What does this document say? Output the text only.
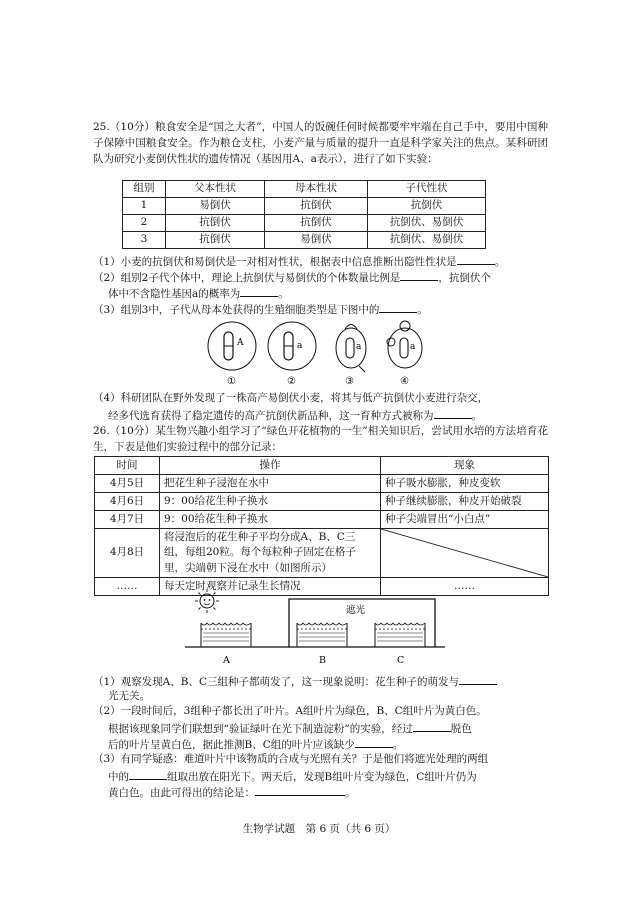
25.（10分）粮食安全是“国之大者”，中国人的饭碗任何时候都要牢牢端在自己手中，要用中国种子保障中国粮食安全。作为粮仓支柱，小麦产量与质量的提升一直是科学家关注的焦点。某科研团队为研究小麦倒伏性状的遗传情况（基因用A、a表示），进行了如下实验：
组别	父本性状	母本性状	子代性状
1	易倒伏	抗倒伏	抗倒伏
2	抗倒伏	抗倒伏	抗倒伏、易倒伏
3	抗倒伏	易倒伏	抗倒伏、易倒伏
（1）小麦的抗倒伏和易倒伏是一对相对性状，根据表中信息推断出隐性性状是	。
（2）组别2子代个体中，理论上抗倒伏与易倒伏的个体数量比例是	，抗倒伏个
体中不含隐性基因a的概率为	。
（3）组别3中，子代从母本处获得的生殖细胞类型是下图中的	。
A	a	a	a
①	②	③	④
（4）科研团队在野外发现了一株高产易倒伏小麦，将其与低产抗倒伏小麦进行杂交，
经多代选育获得了稳定遗传的高产抗倒伏新品种，这一育种方式被称为	。
26.（10分）某生物兴趣小组学习了“绿色开花植物的一生”相关知识后，尝试用水培的方法培育花生，下表是他们实验过程中的部分记录：
时间	操作	现象
4月5日	把花生种子浸泡在水中	种子吸水膨胀，种皮变软
4月6日	9：00给花生种子换水	种子继续膨胀，种皮开始破裂
4月7日	9：00给花生种子换水	种子尖端冒出“小白点”
4月8日	将浸泡后的花生种子平均分成A、B、C三组，每组20粒。每个每粒种子固定在格子里，尖端朝下浸在水中（如图所示）	

……	每天定时观察并记录生长情况	……
遮光
A	B	C
（1）观察发现A、B、C三组种子都萌发了，这一现象说明：花生种子的萌发与
光无关。
（2）一段时间后，3组种子都长出了叶片。A组叶片为绿色，B、C组叶片为黄白色。
根据该现象同学们联想到“验证绿叶在光下制造淀粉”的实验，经过	脱色
后的叶片呈黄白色，据此推测B、C组的叶片应该缺少	。
（3）有同学疑惑：难道叶片中该物质的合成与光照有关？于是他们将遮光处理的两组
中的	组取出放在阳光下。两天后，发现B组叶片变为绿色，C组叶片仍为
黄白色。由此可得出的结论是：	。
生物学试题　第 6 页（共 6 页）
